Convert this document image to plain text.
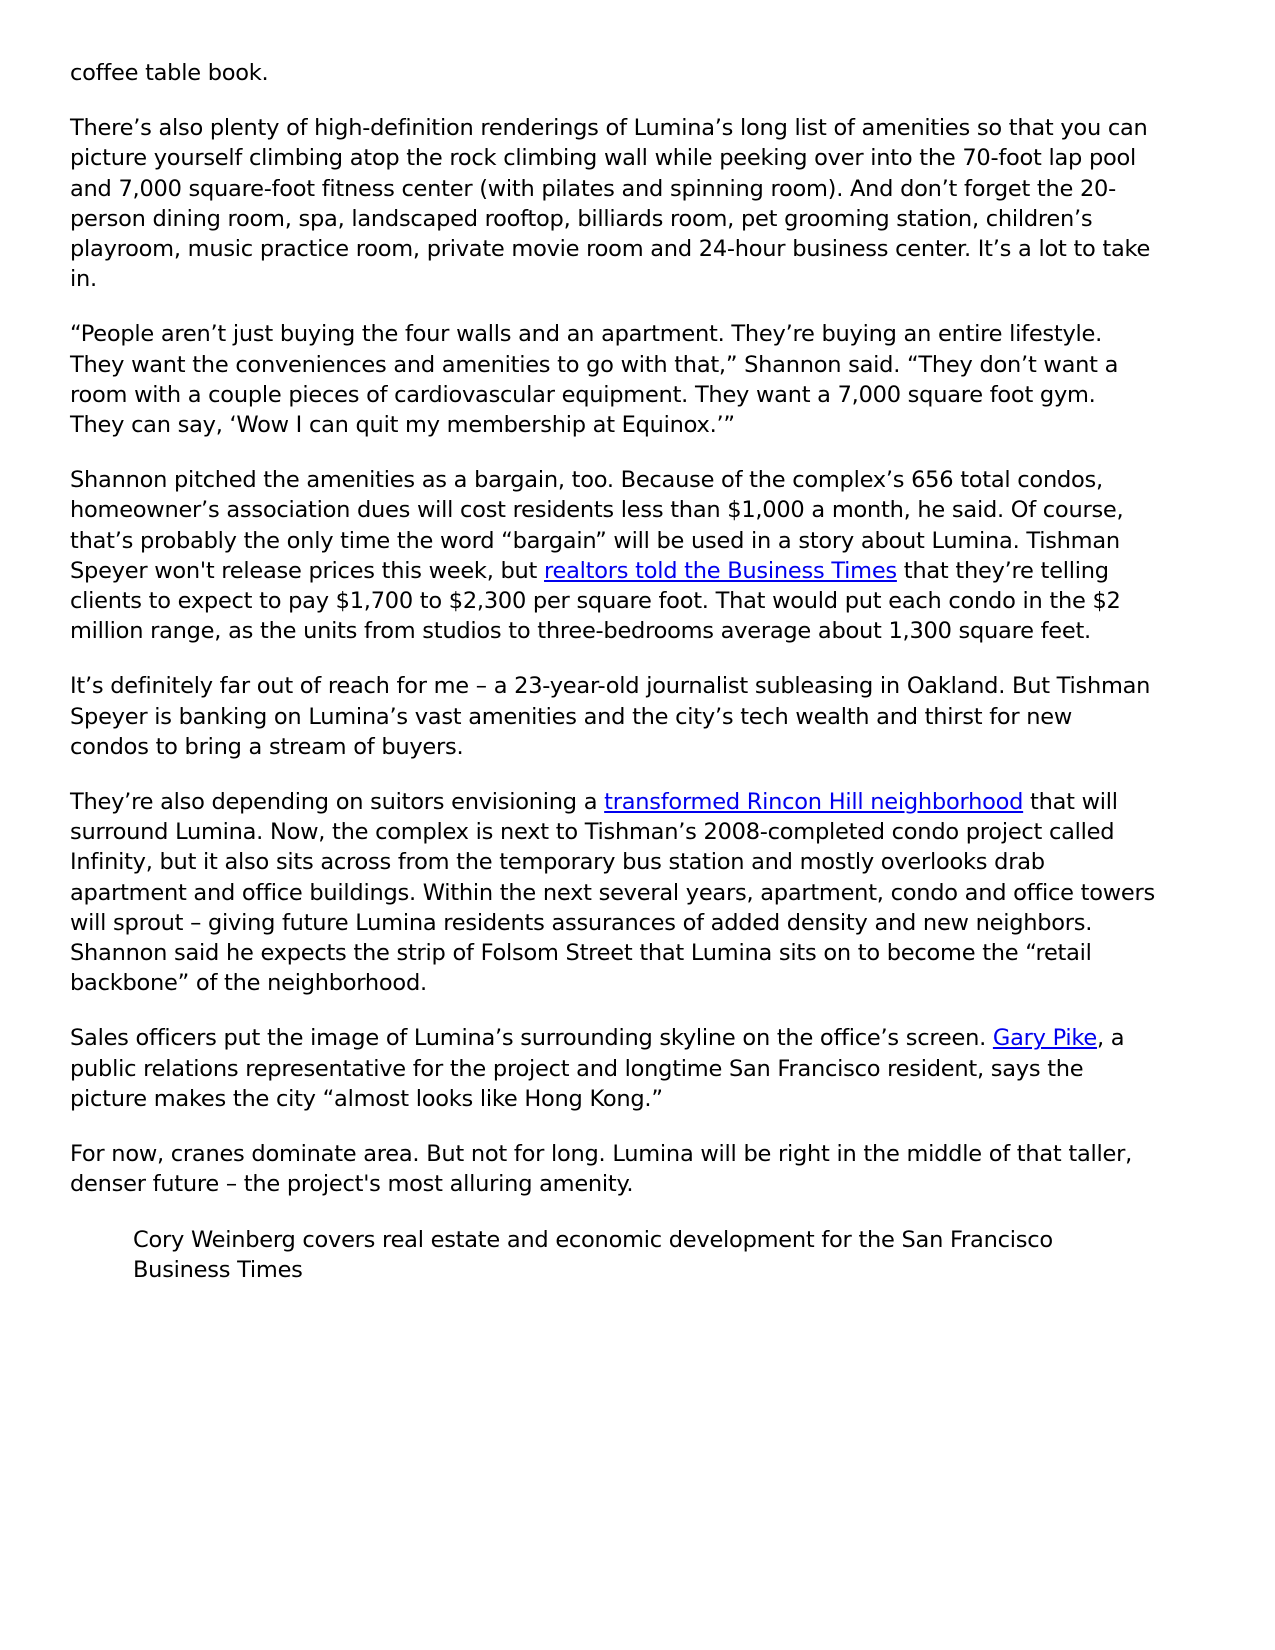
coffee table book.

There’s also plenty of high-definition renderings of Lumina’s long list of amenities so that you can picture yourself climbing atop the rock climbing wall while peeking over into the 70-foot lap pool and 7,000 square-foot fitness center (with pilates and spinning room). And don’t forget the 20-person dining room, spa, landscaped rooftop, billiards room, pet grooming station, children’s playroom, music practice room, private movie room and 24-hour business center. It’s a lot to take in.

“People aren’t just buying the four walls and an apartment. They’re buying an entire lifestyle. They want the conveniences and amenities to go with that,” Shannon said. “They don’t want a room with a couple pieces of cardiovascular equipment. They want a 7,000 square foot gym. They can say, ‘Wow I can quit my membership at Equinox.’”

Shannon pitched the amenities as a bargain, too. Because of the complex’s 656 total condos, homeowner’s association dues will cost residents less than $1,000 a month, he said. Of course, that’s probably the only time the word “bargain” will be used in a story about Lumina. Tishman Speyer won't release prices this week, but realtors told the Business Times that they’re telling clients to expect to pay $1,700 to $2,300 per square foot. That would put each condo in the $2 million range, as the units from studios to three-bedrooms average about 1,300 square feet.

It’s definitely far out of reach for me – a 23-year-old journalist subleasing in Oakland. But Tishman Speyer is banking on Lumina’s vast amenities and the city’s tech wealth and thirst for new condos to bring a stream of buyers.

They’re also depending on suitors envisioning a transformed Rincon Hill neighborhood that will surround Lumina. Now, the complex is next to Tishman’s 2008-completed condo project called Infinity, but it also sits across from the temporary bus station and mostly overlooks drab apartment and office buildings. Within the next several years, apartment, condo and office towers will sprout – giving future Lumina residents assurances of added density and new neighbors. Shannon said he expects the strip of Folsom Street that Lumina sits on to become the “retail backbone” of the neighborhood.

Sales officers put the image of Lumina’s surrounding skyline on the office’s screen. Gary Pike, a public relations representative for the project and longtime San Francisco resident, says the picture makes the city “almost looks like Hong Kong.”

For now, cranes dominate area. But not for long. Lumina will be right in the middle of that taller, denser future – the project's most alluring amenity.

Cory Weinberg covers real estate and economic development for the San Francisco Business Times
